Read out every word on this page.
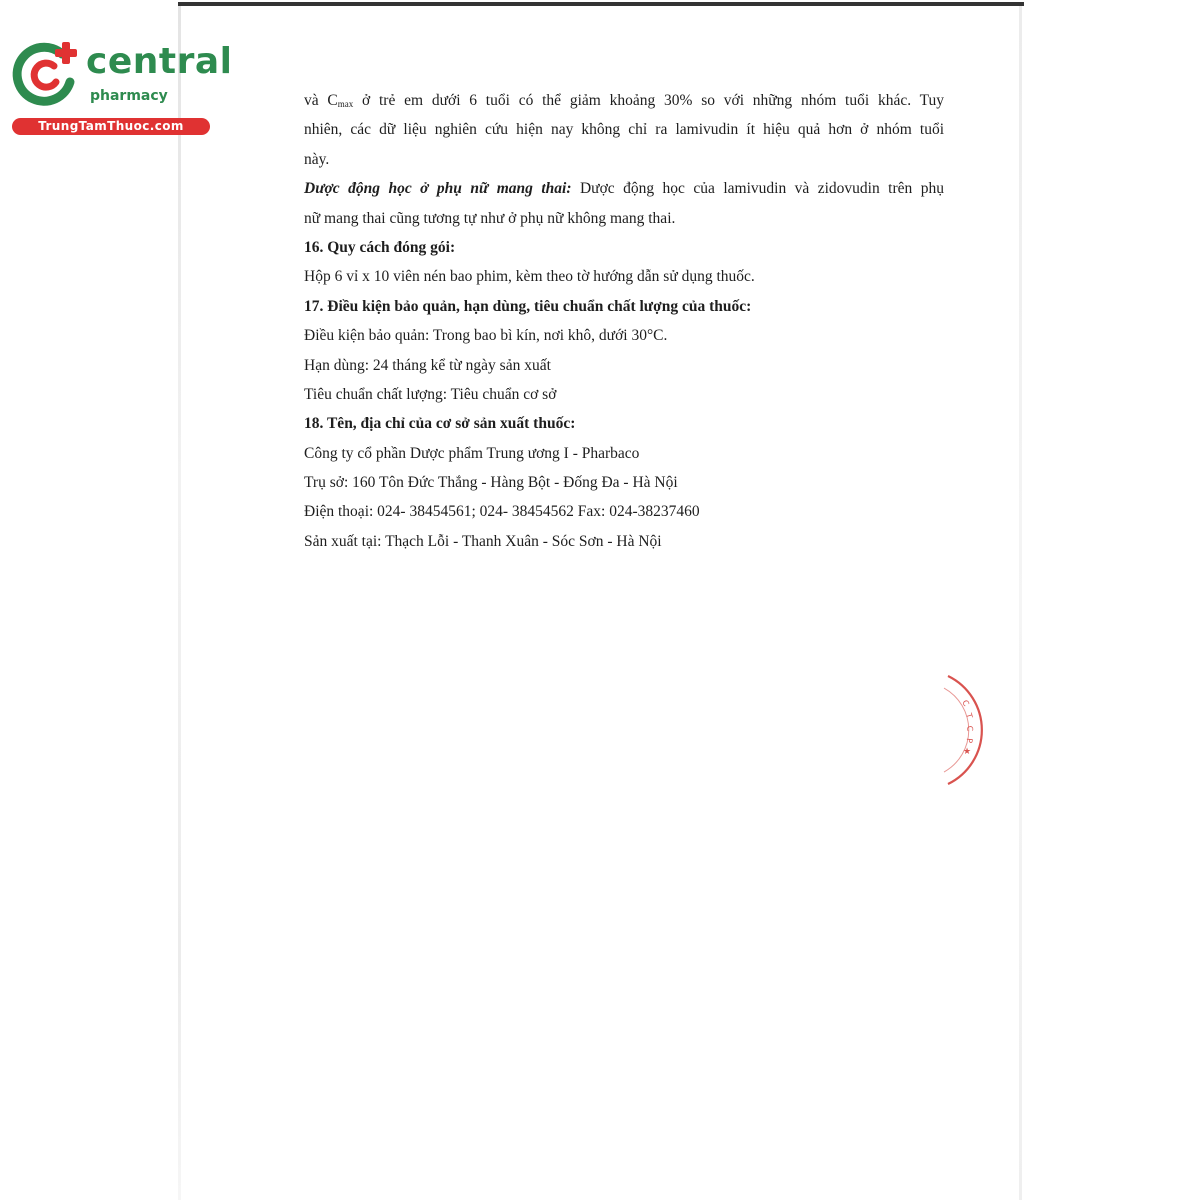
central
pharmacy
TrungTamThuoc.com
và Cmax ở trẻ em dưới 6 tuổi có thể giảm khoảng 30% so với những nhóm tuổi khác. Tuy
nhiên, các dữ liệu nghiên cứu hiện nay không chỉ ra lamivudin ít hiệu quả hơn ở nhóm tuổi
này.
Dược động học ở phụ nữ mang thai: Dược động học của lamivudin và zidovudin trên phụ
nữ mang thai cũng tương tự như ở phụ nữ không mang thai.
16. Quy cách đóng gói:
Hộp 6 vỉ x 10 viên nén bao phim, kèm theo tờ hướng dẫn sử dụng thuốc.
17. Điều kiện bảo quản, hạn dùng, tiêu chuẩn chất lượng của thuốc:
Điều kiện bảo quản: Trong bao bì kín, nơi khô, dưới 30°C.
Hạn dùng: 24 tháng kể từ ngày sản xuất
Tiêu chuẩn chất lượng: Tiêu chuẩn cơ sở
18. Tên, địa chỉ của cơ sở sản xuất thuốc:
Công ty cổ phần Dược phẩm Trung ương I - Pharbaco
Trụ sở: 160 Tôn Đức Thắng - Hàng Bột - Đống Đa - Hà Nội
Điện thoại: 024- 38454561; 024- 38454562 Fax: 024-38237460
Sản xuất tại: Thạch Lỗi - Thanh Xuân - Sóc Sơn - Hà Nội
C
T
C
P
★
